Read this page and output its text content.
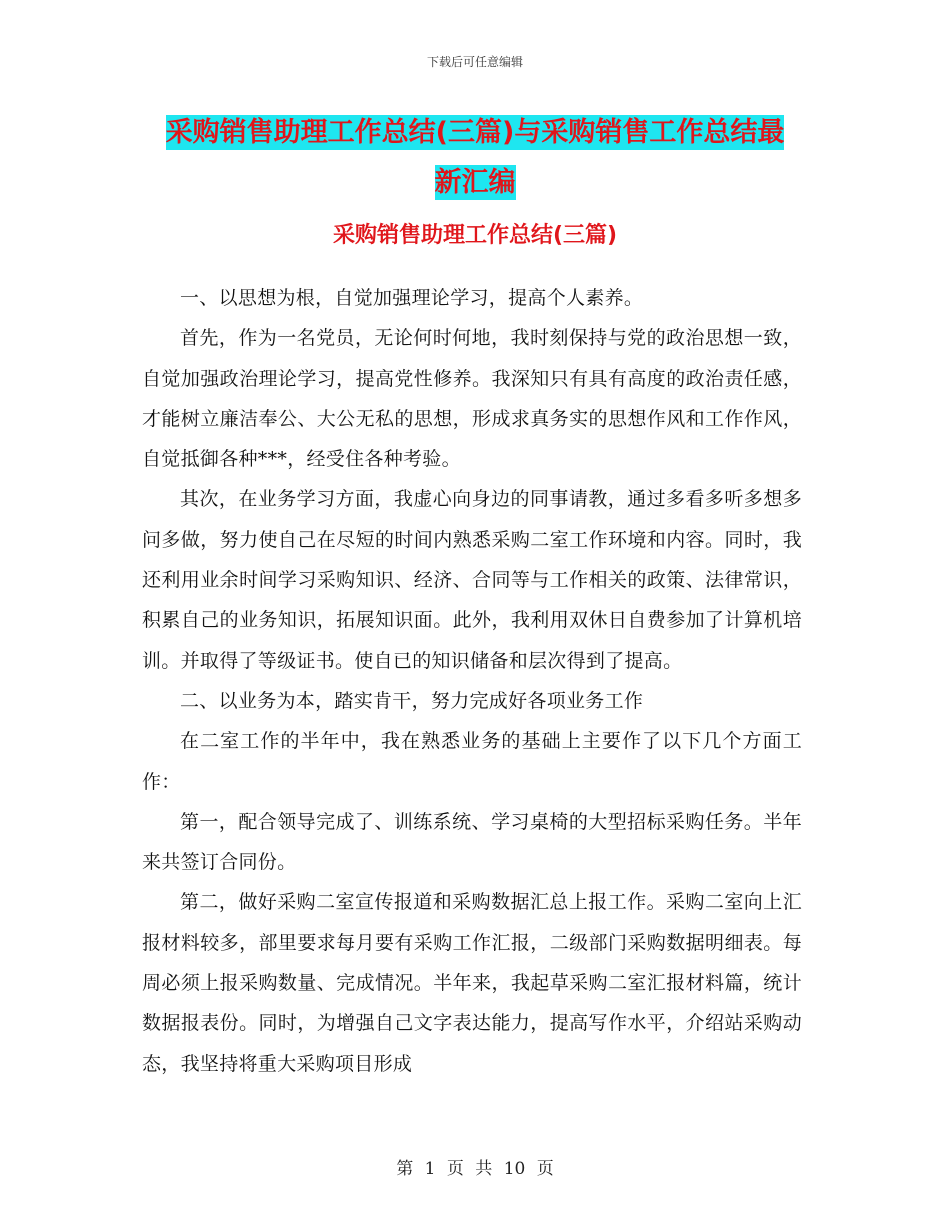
下载后可任意编辑
采购销售助理工作总结(三篇)与采购销售工作总结最
新汇编
采购销售助理工作总结(三篇)

一、以思想为根，自觉加强理论学习，提高个人素养。

首先，作为一名党员，无论何时何地，我时刻保持与党的政治思想一致，自觉加强政治理论学习，提高党性修养。我深知只有具有高度的政治责任感，才能树立廉洁奉公、大公无私的思想，形成求真务实的思想作风和工作作风，自觉抵御各种***，经受住各种考验。

其次，在业务学习方面，我虚心向身边的同事请教，通过多看多听多想多问多做，努力使自己在尽短的时间内熟悉采购二室工作环境和内容。同时，我还利用业余时间学习采购知识、经济、合同等与工作相关的政策、法律常识，积累自己的业务知识，拓展知识面。此外，我利用双休日自费参加了计算机培训。并取得了等级证书。使自已的知识储备和层次得到了提高。

二、以业务为本，踏实肯干，努力完成好各项业务工作

在二室工作的半年中，我在熟悉业务的基础上主要作了以下几个方面工作：

第一，配合领导完成了、训练系统、学习桌椅的大型招标采购任务。半年来共签订合同份。

第二，做好采购二室宣传报道和采购数据汇总上报工作。采购二室向上汇报材料较多，部里要求每月要有采购工作汇报，二级部门采购数据明细表。每周必须上报采购数量、完成情况。半年来，我起草采购二室汇报材料篇，统计数据报表份。同时，为增强自己文字表达能力，提高写作水平，介绍站采购动态，我坚持将重大采购项目形成

第 1 页 共 10 页
